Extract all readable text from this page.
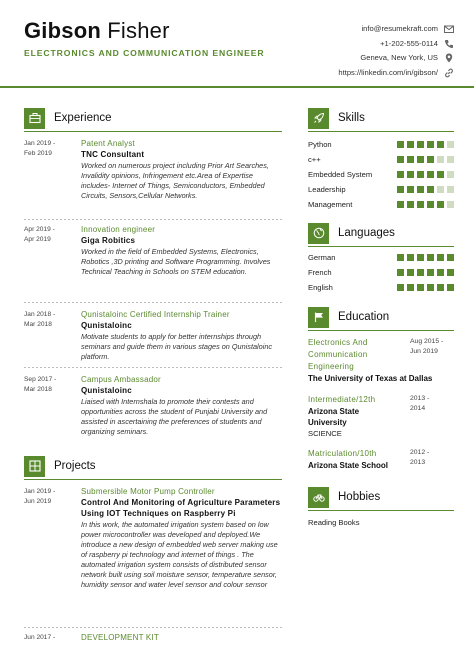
Gibson Fisher
ELECTRONICS AND COMMUNICATION ENGINEER
info@resumekraft.com
+1-202-555-0114
Geneva, New York, US
https://linkedin.com/in/gibson/
Experience
Jan 2019 -
Feb 2019
Patent Analyst
TNC Consultant
Worked on numerous project including Prior Art Searches, Invalidity opinions, Infringement etc.Area of Expertise includes- Internet of Things, Semiconductors, Embedded Circuits, Sensors,Cellular Networks.
Apr 2019 -
Apr 2019
Innovation engineer
Giga Robitics
Worked in the field of Embedded Systems, Electronics, Robotics ,3D printing and Software Programming. Involves Technical Teaching in Schools on STEM education.
Jan 2018 -
Mar 2018
Qunistaloinc Certified Internship Trainer
Qunistaloinc
Motivate students to apply for better internships through seminars and guide them in various stages on Qunistaloinc platform.
Sep 2017 -
Mar 2018
Campus Ambassador
Qunistaloinc
Liaised with Internshala to promote their contests and opportunities across the student of Punjabi University and assisted in ascertaining the preferences of students and organizing seminars.
Projects
Jan 2019 -
Jun 2019
Submersible Motor Pump Controller
Control And Monitoring of Agriculture Parameters Using IOT Techniques on Raspberry Pi
In this work, the automated irrigation system based on low power microcontroller was developed and deployed.We introduce a new design of embedded web server making use of raspberry pi technology and internet of things . The automated irrigation system consists of distributed sensor network built using soil moisture sensor, temperature sensor, humidity sensor and water level sensor and colour sensor
Jun 2017 -	DEVELOPMENT KIT
Skills
Python
c++
Embedded System
Leadership
Management
Languages
German
French
English
Education
Electronics And Communication Engineering
Aug 2015 -
Jun 2019
The University of Texas at Dallas
Intermediate/12th	2013 -
2014
Arizona State University
SCIENCE
Matriculation/10th	2012 -
2013
Arizona State School
Hobbies
Reading Books
